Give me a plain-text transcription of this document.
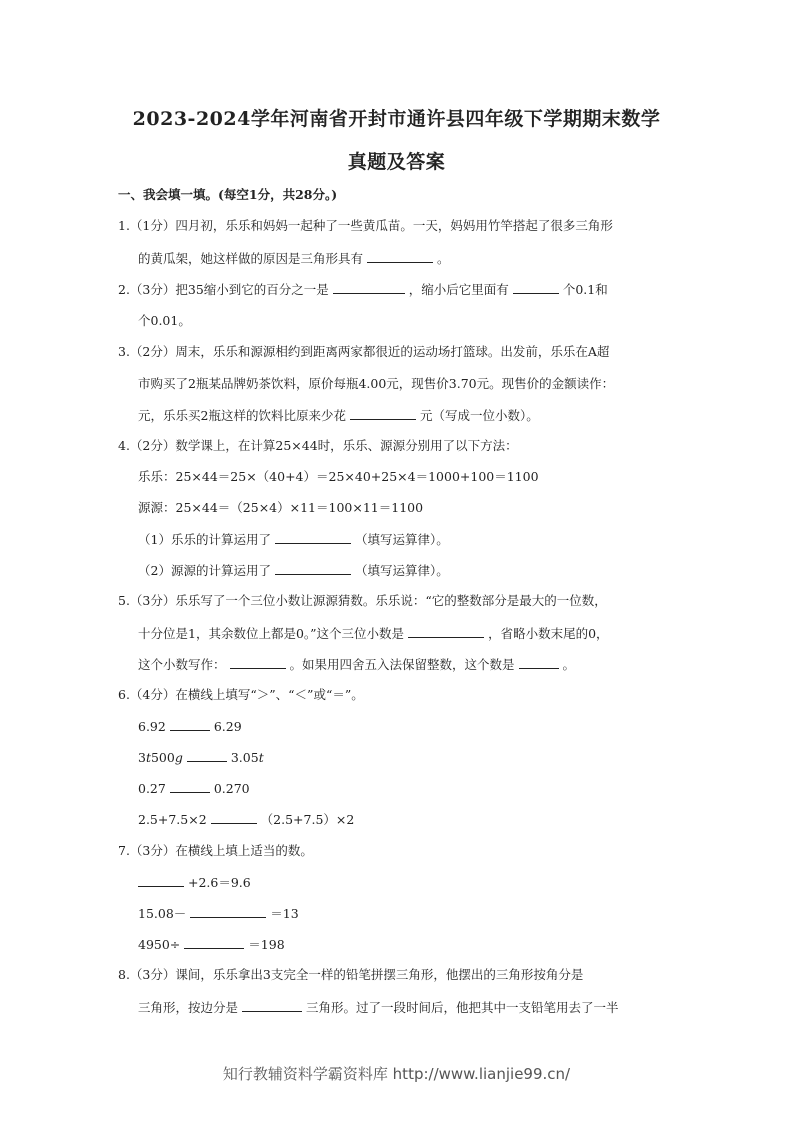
2023-2024学年河南省开封市通许县四年级下学期期末数学
真题及答案
一、我会填一填。(每空1分，共28分。)
1.（1分）四月初，乐乐和妈妈一起种了一些黄瓜苗。一天，妈妈用竹竿搭起了很多三角形
的黄瓜架，她这样做的原因是三角形具有	。
2.（3分）把35缩小到它的百分之一是	，缩小后它里面有	个0.1和
个0.01。
3.（2分）周末，乐乐和源源相约到距离两家都很近的运动场打篮球。出发前，乐乐在A超
市购买了2瓶某品牌奶茶饮料，原价每瓶4.00元，现售价3.70元。现售价的金额读作：
元，乐乐买2瓶这样的饮料比原来少花	元（写成一位小数）。
4.（2分）数学课上，在计算25×44时，乐乐、源源分别用了以下方法：
乐乐：25×44＝25×（40+4）＝25×40+25×4＝1000+100＝1100
源源：25×44＝（25×4）×11＝100×11＝1100
（1）乐乐的计算运用了	（填写运算律）。
（2）源源的计算运用了	（填写运算律）。
5.（3分）乐乐写了一个三位小数让源源猜数。乐乐说：“它的整数部分是最大的一位数，
十分位是1，其余数位上都是0。”这个三位小数是	，省略小数末尾的0，
这个小数写作：	。如果用四舍五入法保留整数，这个数是	。
6.（4分）在横线上填写“＞”、“＜”或“＝”。
6.92	6.29
3t500g	3.05t
0.27	0.270
2.5+7.5×2	（2.5+7.5）×2
7.（3分）在横线上填上适当的数。
+2.6＝9.6
15.08－	＝13
4950÷	＝198
8.（3分）课间，乐乐拿出3支完全一样的铅笔拼摆三角形，他摆出的三角形按角分是
三角形，按边分是	三角形。过了一段时间后，他把其中一支铅笔用去了一半
知行教辅资料学霸资料库 http://www.lianjie99.cn/
